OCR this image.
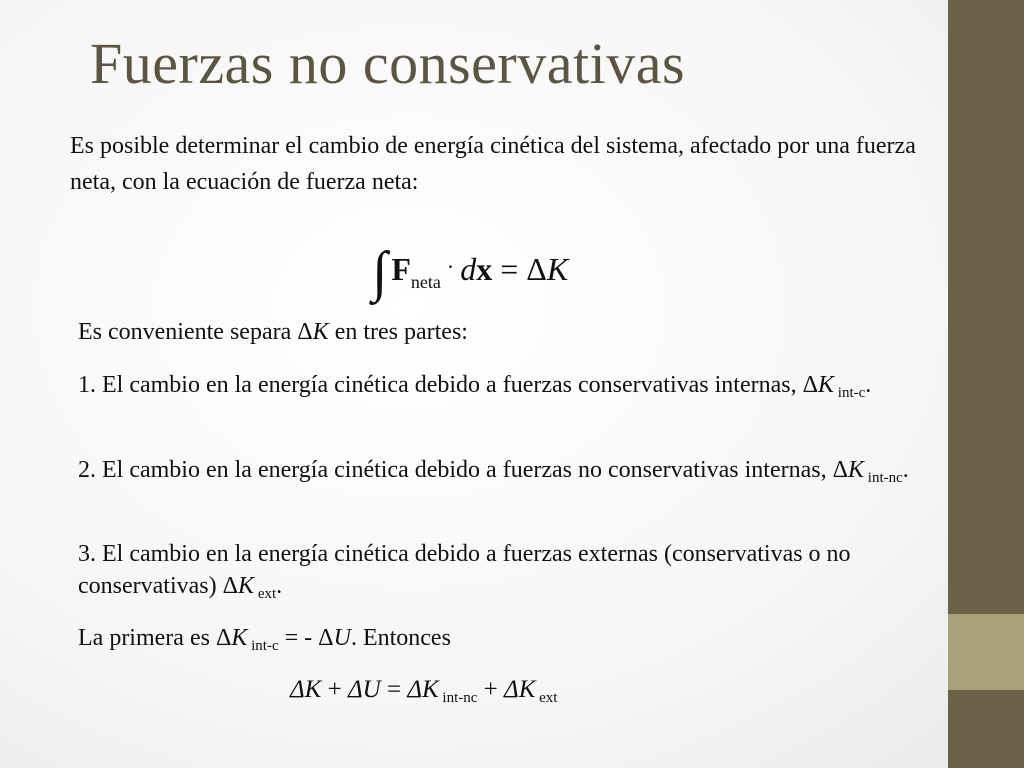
Fuerzas no conservativas
Es posible determinar el cambio de energía cinética del sistema, afectado por una fuerza neta, con la ecuación de fuerza neta:
∫ $F_{neta}\cdot$ dx = ΔK
Es conveniente separa ΔK en tres partes:
1. El cambio en la energía cinética debido a fuerzas conservativas internas, ΔK $_{int-c}$.
2. El cambio en la energía cinética debido a fuerzas no conservativas internas, ΔK $_{int-nc}$.
3. El cambio en la energía cinética debido a fuerzas externas (conservativas o no conservativas) ΔK $_{ext}$.
La primera es ΔK $_{int-c}$ = - ΔU. Entonces
ΔK + ΔU = ΔK $_{int-nc}$ + ΔK $_{ext}$
